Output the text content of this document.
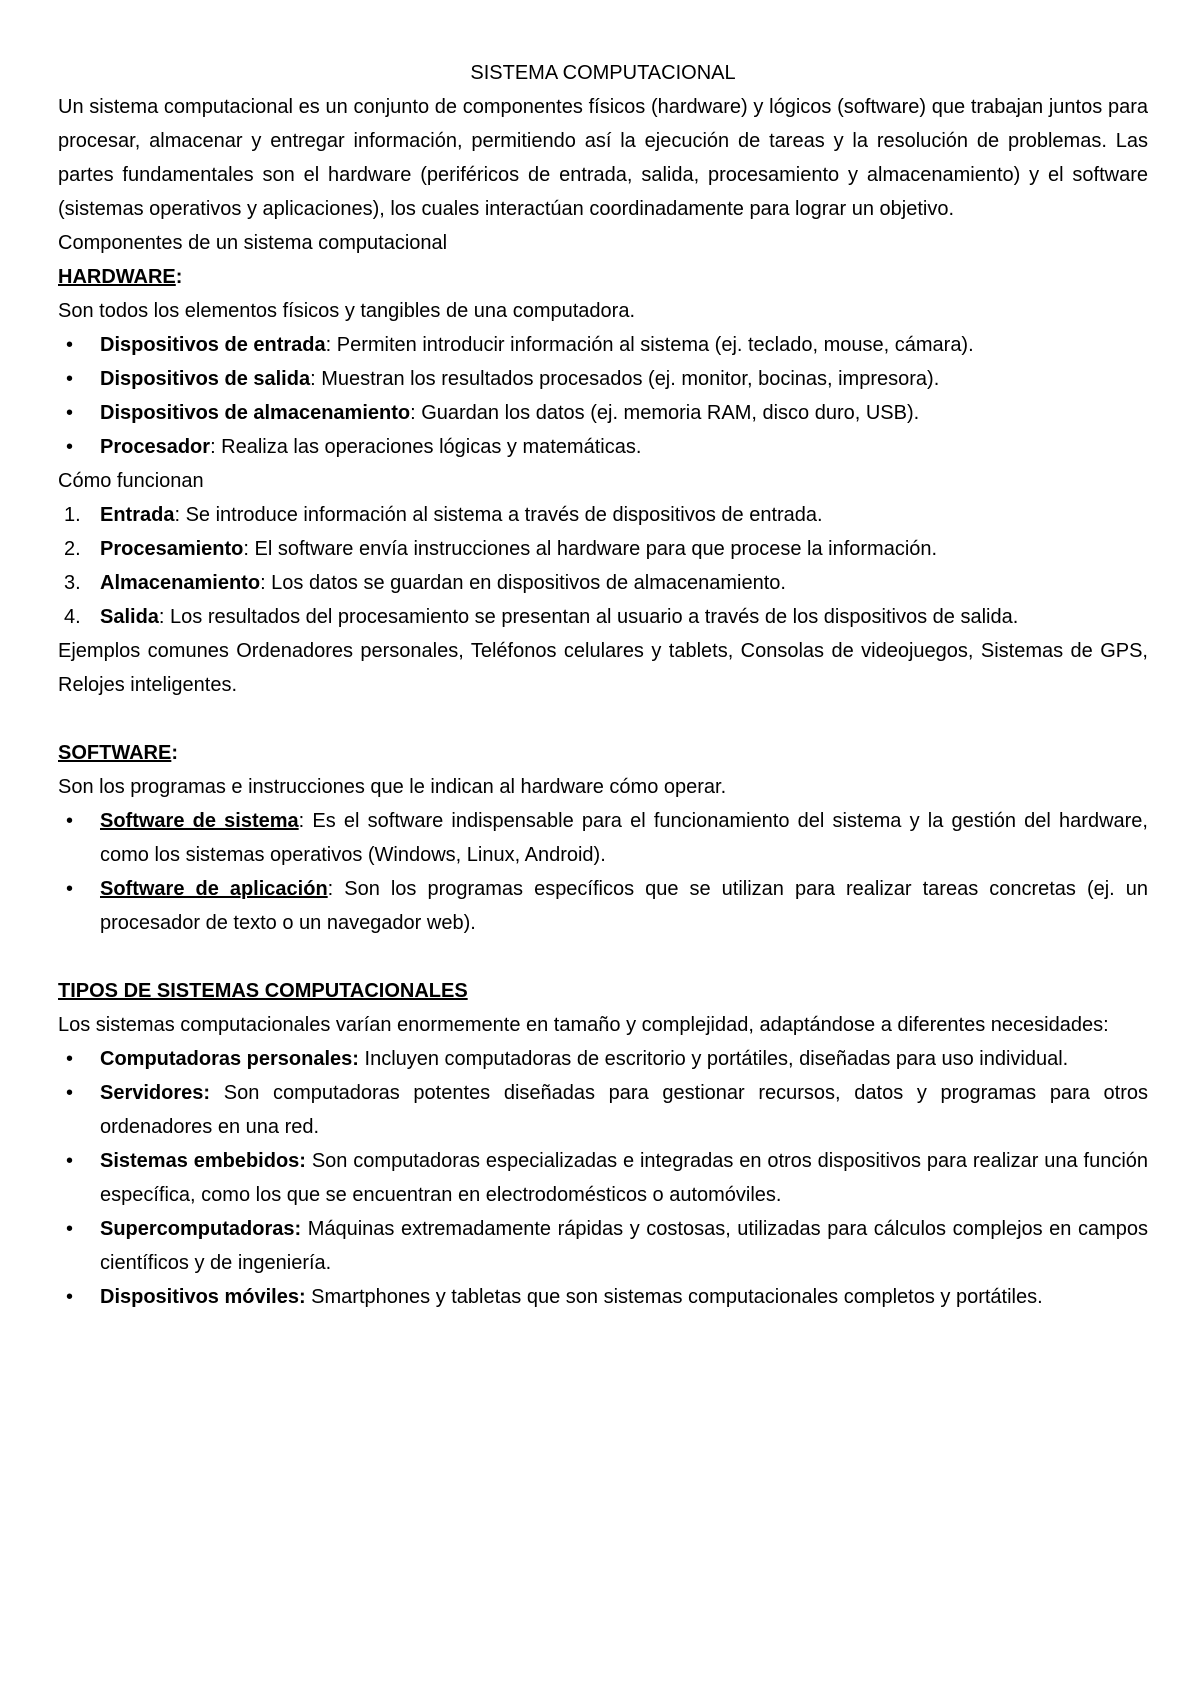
SISTEMA COMPUTACIONAL

Un sistema computacional es un conjunto de componentes físicos (hardware) y lógicos (software) que trabajan juntos para procesar, almacenar y entregar información, permitiendo así la ejecución de tareas y la resolución de problemas. Las partes fundamentales son el hardware (periféricos de entrada, salida, procesamiento y almacenamiento) y el software (sistemas operativos y aplicaciones), los cuales interactúan coordinadamente para lograr un objetivo.

Componentes de un sistema computacional

HARDWARE:

Son todos los elementos físicos y tangibles de una computadora.

•	Dispositivos de entrada: Permiten introducir información al sistema (ej. teclado, mouse, cámara).
•	Dispositivos de salida: Muestran los resultados procesados (ej. monitor, bocinas, impresora).
•	Dispositivos de almacenamiento: Guardan los datos (ej. memoria RAM, disco duro, USB).
•	Procesador: Realiza las operaciones lógicas y matemáticas.

Cómo funcionan

1. Entrada: Se introduce información al sistema a través de dispositivos de entrada.
2. Procesamiento: El software envía instrucciones al hardware para que procese la información.
3. Almacenamiento: Los datos se guardan en dispositivos de almacenamiento.
4. Salida: Los resultados del procesamiento se presentan al usuario a través de los dispositivos de salida.

Ejemplos comunes Ordenadores personales, Teléfonos celulares y tablets, Consolas de videojuegos, Sistemas de GPS, Relojes inteligentes.

SOFTWARE:

Son los programas e instrucciones que le indican al hardware cómo operar.

•	Software de sistema: Es el software indispensable para el funcionamiento del sistema y la gestión del hardware, como los sistemas operativos (Windows, Linux, Android).
•	Software de aplicación: Son los programas específicos que se utilizan para realizar tareas concretas (ej. un procesador de texto o un navegador web).

TIPOS DE SISTEMAS COMPUTACIONALES

Los sistemas computacionales varían enormemente en tamaño y complejidad, adaptándose a diferentes necesidades:

•	Computadoras personales: Incluyen computadoras de escritorio y portátiles, diseñadas para uso individual.
•	Servidores: Son computadoras potentes diseñadas para gestionar recursos, datos y programas para otros ordenadores en una red.
•	Sistemas embebidos: Son computadoras especializadas e integradas en otros dispositivos para realizar una función específica, como los que se encuentran en electrodomésticos o automóviles.
•	Supercomputadoras: Máquinas extremadamente rápidas y costosas, utilizadas para cálculos complejos en campos científicos y de ingeniería.
•	Dispositivos móviles: Smartphones y tabletas que son sistemas computacionales completos y portátiles.
